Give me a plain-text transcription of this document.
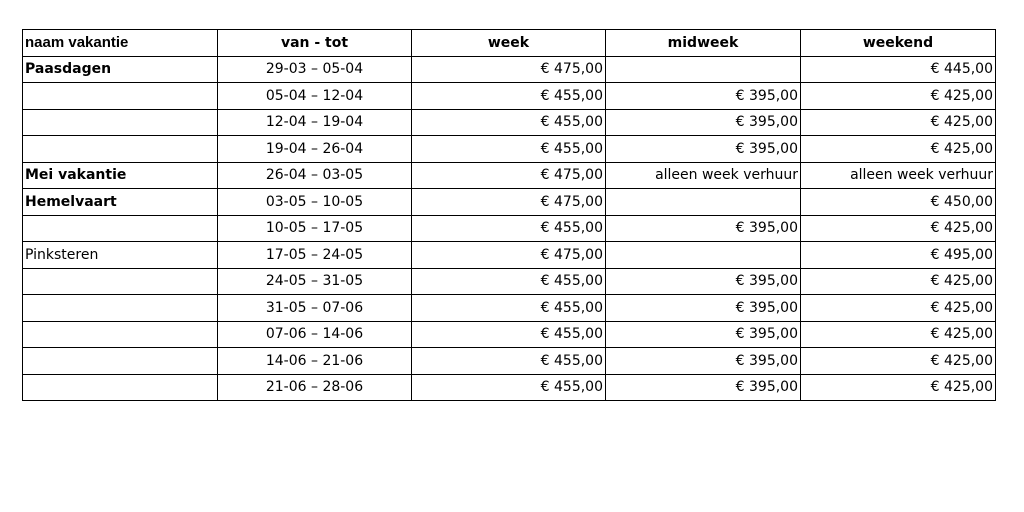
naam vakantie	van - tot	week	midweek	weekend
Paasdagen	29-03 – 05-04	€ 475,00		€ 445,00
	05-04 – 12-04	€ 455,00	€ 395,00	€ 425,00
	12-04 – 19-04	€ 455,00	€ 395,00	€ 425,00
	19-04 – 26-04	€ 455,00	€ 395,00	€ 425,00
Mei vakantie	26-04 – 03-05	€ 475,00	alleen week verhuur	alleen week verhuur
Hemelvaart	03-05 – 10-05	€ 475,00		€ 450,00
	10-05 – 17-05	€ 455,00	€ 395,00	€ 425,00
Pinksteren	17-05 – 24-05	€ 475,00		€ 495,00
	24-05 – 31-05	€ 455,00	€ 395,00	€ 425,00
	31-05 – 07-06	€ 455,00	€ 395,00	€ 425,00
	07-06 – 14-06	€ 455,00	€ 395,00	€ 425,00
	14-06 – 21-06	€ 455,00	€ 395,00	€ 425,00
	21-06 – 28-06	€ 455,00	€ 395,00	€ 425,00
